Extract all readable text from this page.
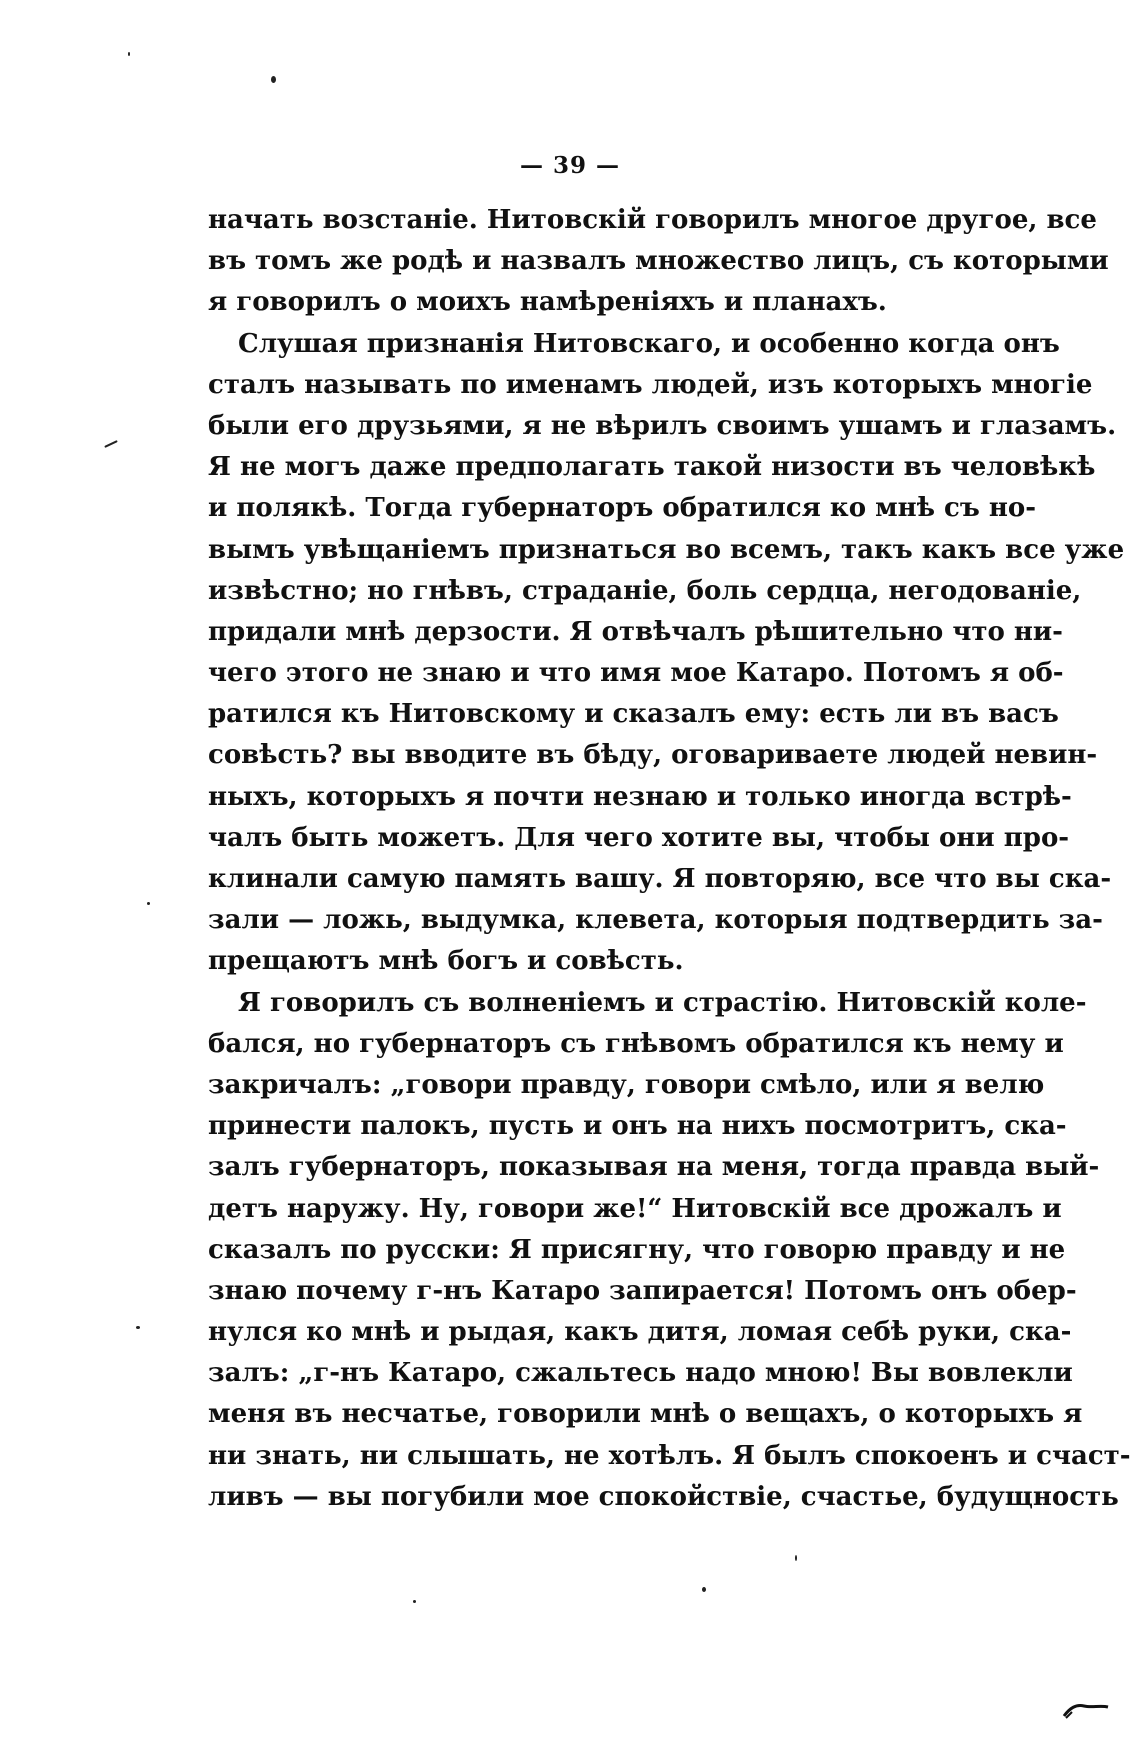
— 39 —
начать возстаніе. Нитовскій говорилъ многое другое, все
въ томъ же родѣ и назвалъ множество лицъ, съ которыми
я говорилъ о моихъ намѣреніяхъ и планахъ.
Слушая признанія Нитовскаго, и особенно когда онъ
сталъ называть по именамъ людей, изъ которыхъ многіе
были его друзьями, я не вѣрилъ своимъ ушамъ и глазамъ.
Я не могъ даже предполагать такой низости въ человѣкѣ
и полякѣ. Тогда губернаторъ обратился ко мнѣ съ но-
вымъ увѣщаніемъ признаться во всемъ, такъ какъ все уже
извѣстно; но гнѣвъ, страданіе, боль сердца, негодованіе,
придали мнѣ дерзости. Я отвѣчалъ рѣшительно что ни-
чего этого не знаю и что имя мое Катаро. Потомъ я об-
ратился къ Нитовскому и сказалъ ему: есть ли въ васъ
совѣсть? вы вводите въ бѣду, оговариваете людей невин-
ныхъ, которыхъ я почти незнаю и только иногда встрѣ-
чалъ быть можетъ. Для чего хотите вы, чтобы они про-
клинали самую память вашу. Я повторяю, все что вы ска-
зали — ложь, выдумка, клевета, которыя подтвердить за-
прещаютъ мнѣ богъ и совѣсть.
Я говорилъ съ волненіемъ и страстію. Нитовскій коле-
бался, но губернаторъ съ гнѣвомъ обратился къ нему и
закричалъ: „говори правду, говори смѣло, или я велю
принести палокъ, пусть и онъ на нихъ посмотритъ, ска-
залъ губернаторъ, показывая на меня, тогда правда вый-
детъ наружу. Ну, говори же!“ Нитовскій все дрожалъ и
сказалъ по русски: Я присягну, что говорю правду и не
знаю почему г-нъ Катаро запирается! Потомъ онъ обер-
нулся ко мнѣ и рыдая, какъ дитя, ломая себѣ руки, ска-
залъ: „г-нъ Катаро, сжальтесь надо мною! Вы вовлекли
меня въ несчатье, говорили мнѣ о вещахъ, о которыхъ я
ни знать, ни слышать, не хотѣлъ. Я былъ спокоенъ и счаст-
ливъ — вы погубили мое спокойствіе, счастье, будущность
